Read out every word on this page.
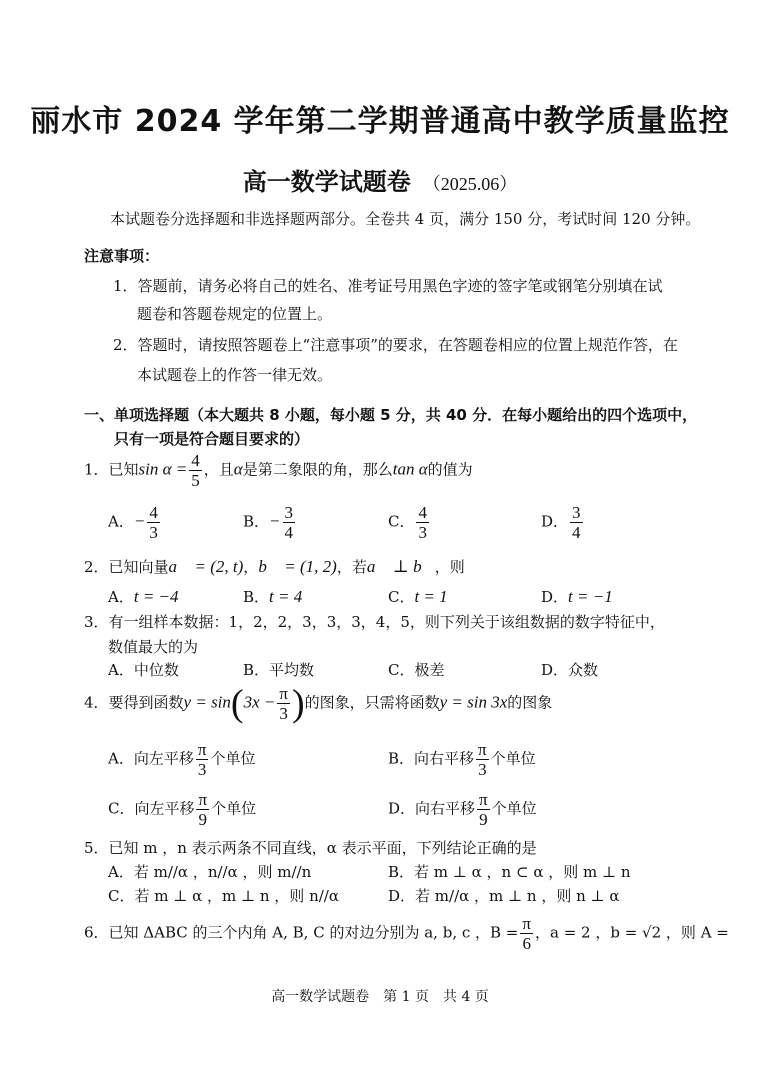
丽水市 2024 学年第二学期普通高中教学质量监控
高一数学试题卷 （2025.06）
本试题卷分选择题和非选择题两部分。全卷共 4 页，满分 150 分，考试时间 120 分钟。
注意事项：
1．答题前，请务必将自己的姓名、准考证号用黑色字迹的签字笔或钢笔分别填在试
题卷和答题卷规定的位置上。
2．答题时，请按照答题卷上“注意事项”的要求，在答题卷相应的位置上规范作答，在
本试题卷上的作答一律无效。
一、单项选择题（本大题共 8 小题，每小题 5 分，共 40 分．在每小题给出的四个选项中，
只有一项是符合题目要求的）
1．已知$\sin \alpha = \frac{4}{5}$ ，且α是第二象限的角，那么tan α的值为
A．− $\frac{4}{3}$	B．− $\frac{3}{4}$	C． $\frac{4}{3}$	D． $\frac{3}{4}$
2．已知向量a⃗ = (2, t)，b⃗ = (1, 2)，若a⃗ ⊥ b⃗，则
A．t = −4	B．t = 4	C．t = 1	D．t = −1
3．有一组样本数据：1，2，2，3，3，3，4，5，则下列关于该组数据的数字特征中，
数值最大的为
A．中位数	B．平均数	C．极差	D．众数
4．要得到函数$y = \sin(3x - \frac{\pi}{3}$ )的图象，只需将函数y = sin 3x的图象
A．向左平移 $\frac{\pi}{3}$ 个单位	B．向右平移 $\frac{\pi}{3}$ 个单位
C．向左平移 $\frac{\pi}{9}$ 个单位	D．向右平移 $\frac{\pi}{9}$ 个单位
5．已知 m ，n 表示两条不同直线，α 表示平面，下列结论正确的是
A．若 m//α ，n//α ，则 m//n	B．若 m ⊥ α ，n ⊂ α ，则 m ⊥ n
C．若 m ⊥ α ，m ⊥ n ，则 n//α	D．若 m//α ，m ⊥ n ，则 n ⊥ α
6．已知 ΔABC 的三个内角 A, B, C 的对边分别为 a, b, c ，$B = \frac{\pi}{6}$ ，a = 2 ，b = √2 ，则 A =
高一数学试题卷　第 1 页　共 4 页
